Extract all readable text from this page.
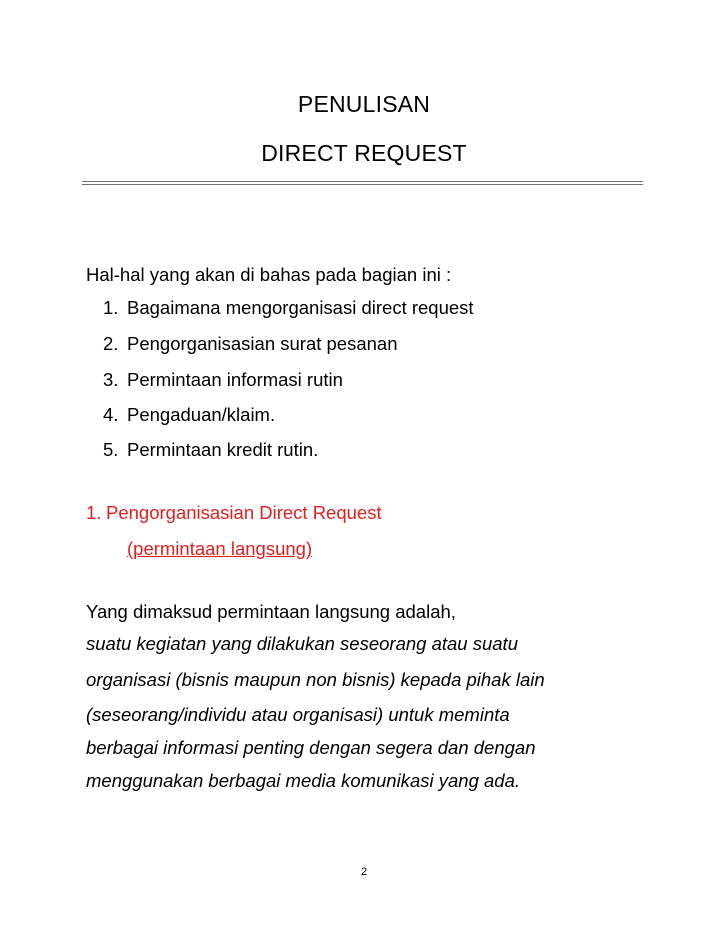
PENULISAN
DIRECT REQUEST
Hal-hal yang akan di bahas pada bagian ini :
1. Bagaimana mengorganisasi direct request
2. Pengorganisasian surat pesanan
3. Permintaan informasi rutin
4. Pengaduan/klaim.
5. Permintaan kredit rutin.
1. Pengorganisasian Direct Request
(permintaan langsung)
Yang dimaksud permintaan langsung adalah,
suatu kegiatan yang dilakukan seseorang atau suatu
organisasi (bisnis maupun non bisnis) kepada pihak lain
(seseorang/individu atau organisasi) untuk meminta
berbagai informasi penting dengan segera dan dengan
menggunakan berbagai media komunikasi yang ada.
2
